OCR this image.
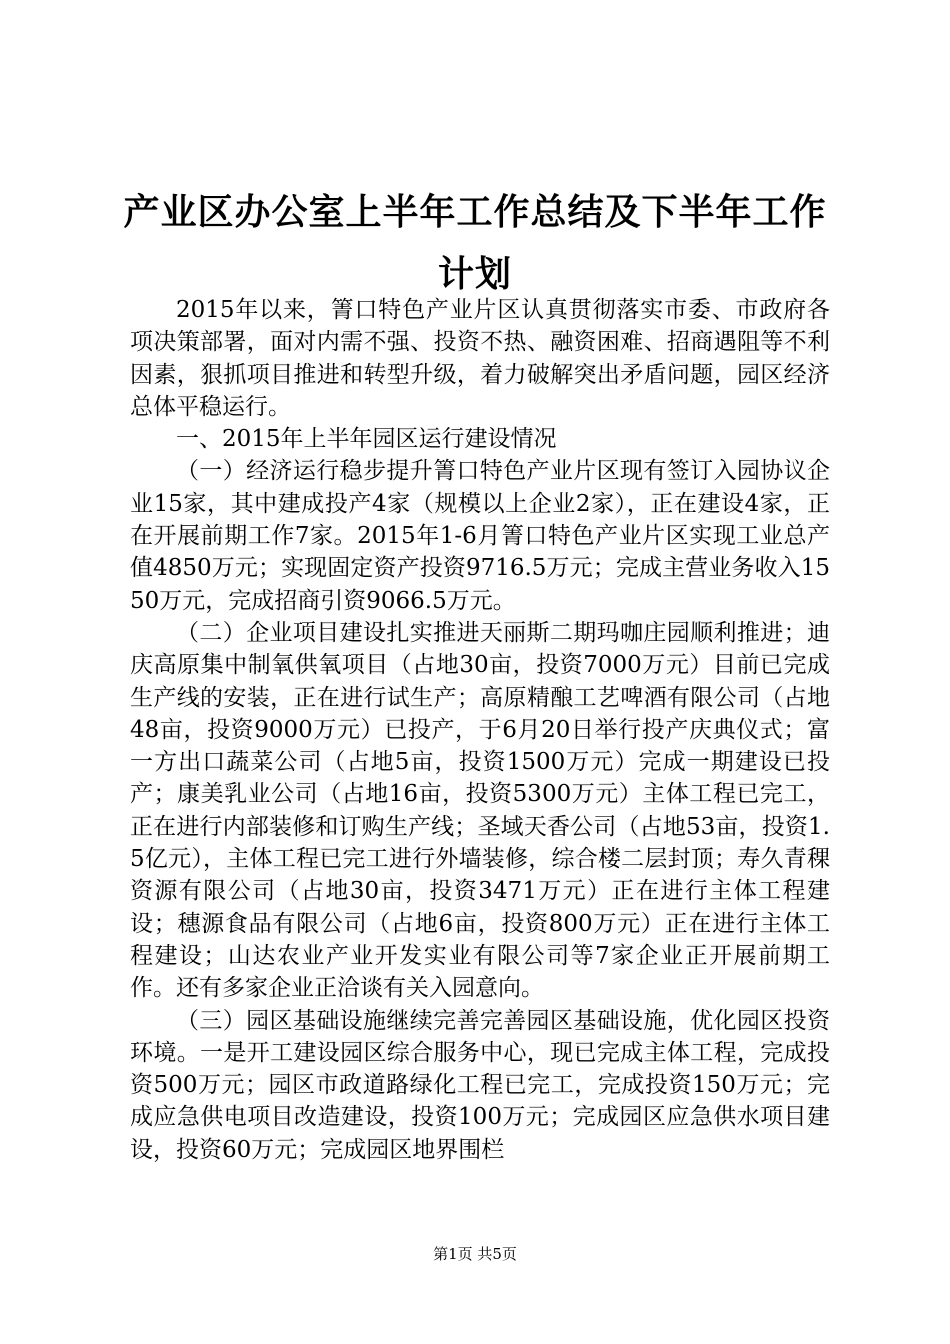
产业区办公室上半年工作总结及下半年工作计划

2015年以来，箐口特色产业片区认真贯彻落实市委、市政府各项决策部署，面对内需不强、投资不热、融资困难、招商遇阻等不利因素，狠抓项目推进和转型升级，着力破解突出矛盾问题，园区经济总体平稳运行。

一、2015年上半年园区运行建设情况

（一）经济运行稳步提升箐口特色产业片区现有签订入园协议企业15家，其中建成投产4家（规模以上企业2家），正在建设4家，正在开展前期工作7家。2015年1-6月箐口特色产业片区实现工业总产值4850万元；实现固定资产投资9716.5万元；完成主营业务收入1550万元，完成招商引资9066.5万元。

（二）企业项目建设扎实推进天丽斯二期玛咖庄园顺利推进；迪庆高原集中制氧供氧项目（占地30亩，投资7000万元）目前已完成生产线的安装，正在进行试生产；高原精酿工艺啤酒有限公司（占地48亩，投资9000万元）已投产，于6月20日举行投产庆典仪式；富一方出口蔬菜公司（占地5亩，投资1500万元）完成一期建设已投产；康美乳业公司（占地16亩，投资5300万元）主体工程已完工，正在进行内部装修和订购生产线；圣域天香公司（占地53亩，投资1.5亿元），主体工程已完工进行外墙装修，综合楼二层封顶；寿久青稞资源有限公司（占地30亩，投资3471万元）正在进行主体工程建设；穗源食品有限公司（占地6亩，投资800万元）正在进行主体工程建设；山达农业产业开发实业有限公司等7家企业正开展前期工作。还有多家企业正洽谈有关入园意向。

（三）园区基础设施继续完善完善园区基础设施，优化园区投资环境。一是开工建设园区综合服务中心，现已完成主体工程，完成投资500万元；园区市政道路绿化工程已完工，完成投资150万元；完成应急供电项目改造建设，投资100万元；完成园区应急供水项目建设，投资60万元；完成园区地界围栏

第1页 共5页
